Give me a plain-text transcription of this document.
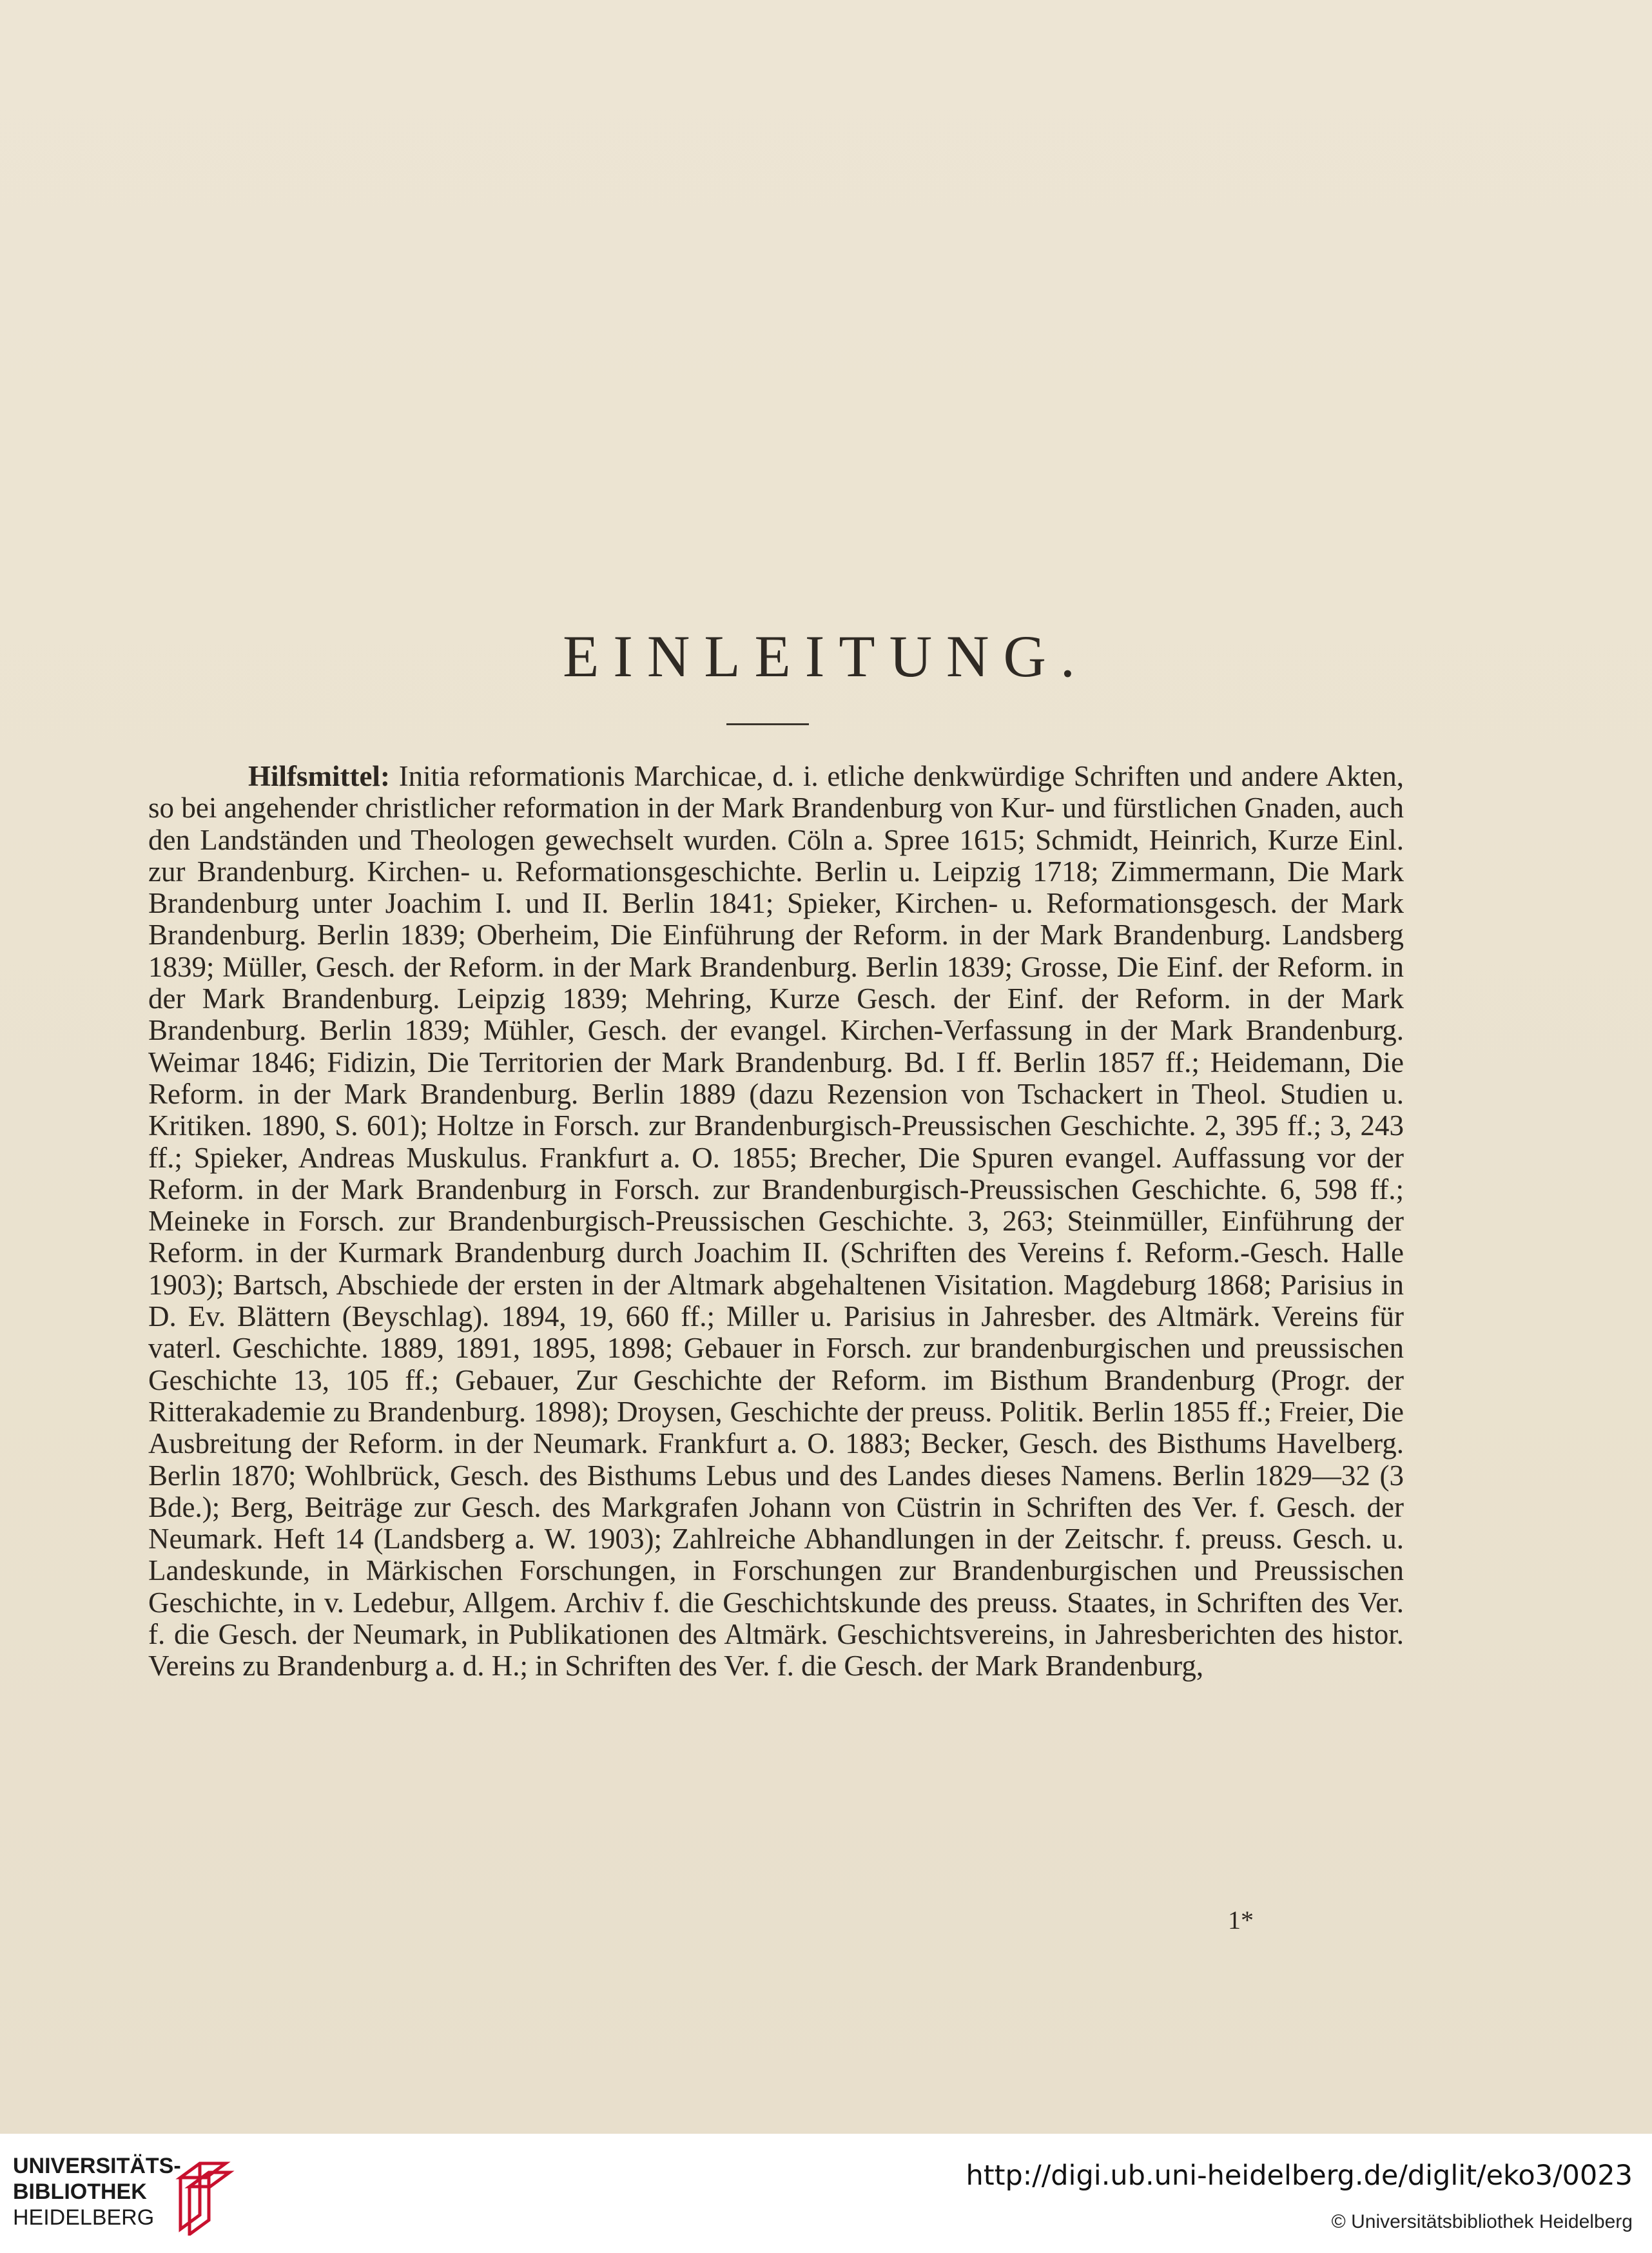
EINLEITUNG.

Hilfsmittel: Initia reformationis Marchicae, d. i. etliche denkwürdige Schriften und andere Akten, so bei angehender christlicher reformation in der Mark Brandenburg von Kur- und fürstlichen Gnaden, auch den Landständen und Theologen gewechselt wurden. Cöln a. Spree 1615; Schmidt, Heinrich, Kurze Einl. zur Brandenburg. Kirchen- u. Reformationsgeschichte. Berlin u. Leipzig 1718; Zimmermann, Die Mark Brandenburg unter Joachim I. und II. Berlin 1841; Spieker, Kirchen- u. Reformationsgesch. der Mark Brandenburg. Berlin 1839; Oberheim, Die Einführung der Reform. in der Mark Brandenburg. Landsberg 1839; Müller, Gesch. der Reform. in der Mark Brandenburg. Berlin 1839; Grosse, Die Einf. der Reform. in der Mark Brandenburg. Leipzig 1839; Mehring, Kurze Gesch. der Einf. der Reform. in der Mark Brandenburg. Berlin 1839; Mühler, Gesch. der evangel. Kirchen-Verfassung in der Mark Brandenburg. Weimar 1846; Fidizin, Die Territorien der Mark Brandenburg. Bd. I ff. Berlin 1857 ff.; Heidemann, Die Reform. in der Mark Brandenburg. Berlin 1889 (dazu Rezension von Tschackert in Theol. Studien u. Kritiken. 1890, S. 601); Holtze in Forsch. zur Brandenburgisch-Preussischen Geschichte. 2, 395 ff.; 3, 243 ff.; Spieker, Andreas Muskulus. Frankfurt a. O. 1855; Brecher, Die Spuren evangel. Auffassung vor der Reform. in der Mark Brandenburg in Forsch. zur Brandenburgisch-Preussischen Geschichte. 6, 598 ff.; Meineke in Forsch. zur Brandenburgisch-Preussischen Geschichte. 3, 263; Steinmüller, Einführung der Reform. in der Kurmark Brandenburg durch Joachim II. (Schriften des Vereins f. Reform.-Gesch. Halle 1903); Bartsch, Abschiede der ersten in der Altmark abgehaltenen Visitation. Magdeburg 1868; Parisius in D. Ev. Blättern (Beyschlag). 1894, 19, 660 ff.; Miller u. Parisius in Jahresber. des Altmärk. Vereins für vaterl. Geschichte. 1889, 1891, 1895, 1898; Gebauer in Forsch. zur brandenburgischen und preussischen Geschichte 13, 105 ff.; Gebauer, Zur Geschichte der Reform. im Bisthum Brandenburg (Progr. der Ritterakademie zu Brandenburg. 1898); Droysen, Geschichte der preuss. Politik. Berlin 1855 ff.; Freier, Die Ausbreitung der Reform. in der Neumark. Frankfurt a. O. 1883; Becker, Gesch. des Bisthums Havelberg. Berlin 1870; Wohlbrück, Gesch. des Bisthums Lebus und des Landes dieses Namens. Berlin 1829—32 (3 Bde.); Berg, Beiträge zur Gesch. des Markgrafen Johann von Cüstrin in Schriften des Ver. f. Gesch. der Neumark. Heft 14 (Landsberg a. W. 1903); Zahlreiche Abhandlungen in der Zeitschr. f. preuss. Gesch. u. Landeskunde, in Märkischen Forschungen, in Forschungen zur Brandenburgischen und Preussischen Geschichte, in v. Ledebur, Allgem. Archiv f. die Geschichtskunde des preuss. Staates, in Schriften des Ver. f. die Gesch. der Neumark, in Publikationen des Altmärk. Geschichtsvereins, in Jahresberichten des histor. Vereins zu Brandenburg a. d. H.; in Schriften des Ver. f. die Gesch. der Mark Brandenburg,

1*
UNIVERSITÄTS-
BIBLIOTHEK
HEIDELBERG
http://digi.ub.uni-heidelberg.de/diglit/eko3/0023
© Universitätsbibliothek Heidelberg
